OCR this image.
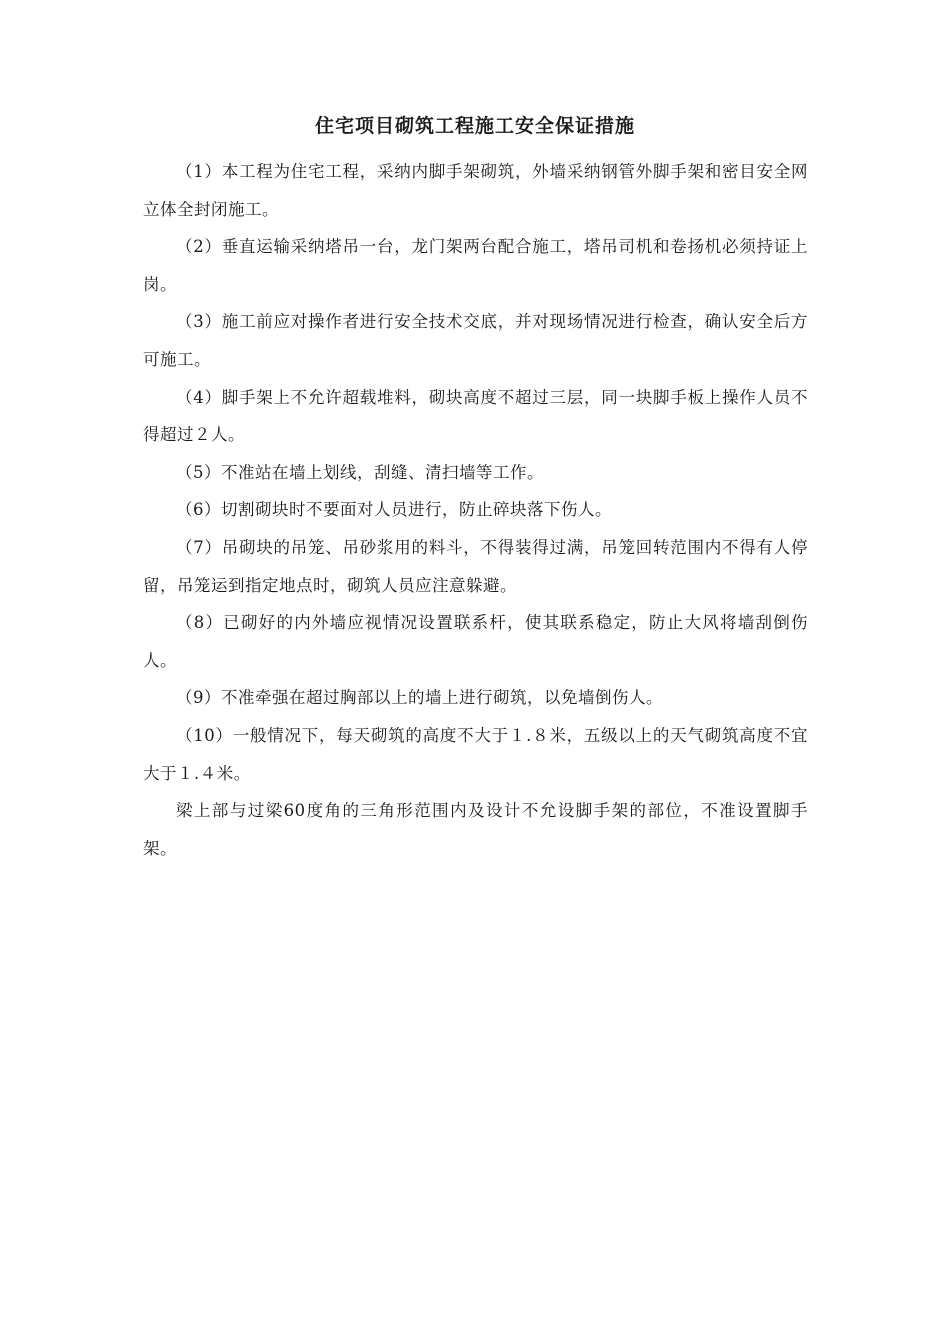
住宅项目砌筑工程施工安全保证措施

（1）本工程为住宅工程，采纳内脚手架砌筑，外墙采纳钢管外脚手架和密目安全网立体全封闭施工。

（2）垂直运输采纳塔吊一台，龙门架两台配合施工，塔吊司机和卷扬机必须持证上岗。

（3）施工前应对操作者进行安全技术交底，并对现场情况进行检查，确认安全后方可施工。

（4）脚手架上不允许超载堆料，砌块高度不超过三层，同一块脚手板上操作人员不得超过２人。

（5）不准站在墙上划线，刮缝、清扫墙等工作。

（6）切割砌块时不要面对人员进行，防止碎块落下伤人。

（7）吊砌块的吊笼、吊砂浆用的料斗，不得装得过满，吊笼回转范围内不得有人停留，吊笼运到指定地点时，砌筑人员应注意躲避。

（8）已砌好的内外墙应视情况设置联系杆，使其联系稳定，防止大风将墙刮倒伤人。

（9）不准牵强在超过胸部以上的墙上进行砌筑，以免墙倒伤人。

（10）一般情况下，每天砌筑的高度不大于１.８米，五级以上的天气砌筑高度不宜大于１.４米。

梁上部与过梁60度角的三角形范围内及设计不允设脚手架的部位，不准设置脚手架。
